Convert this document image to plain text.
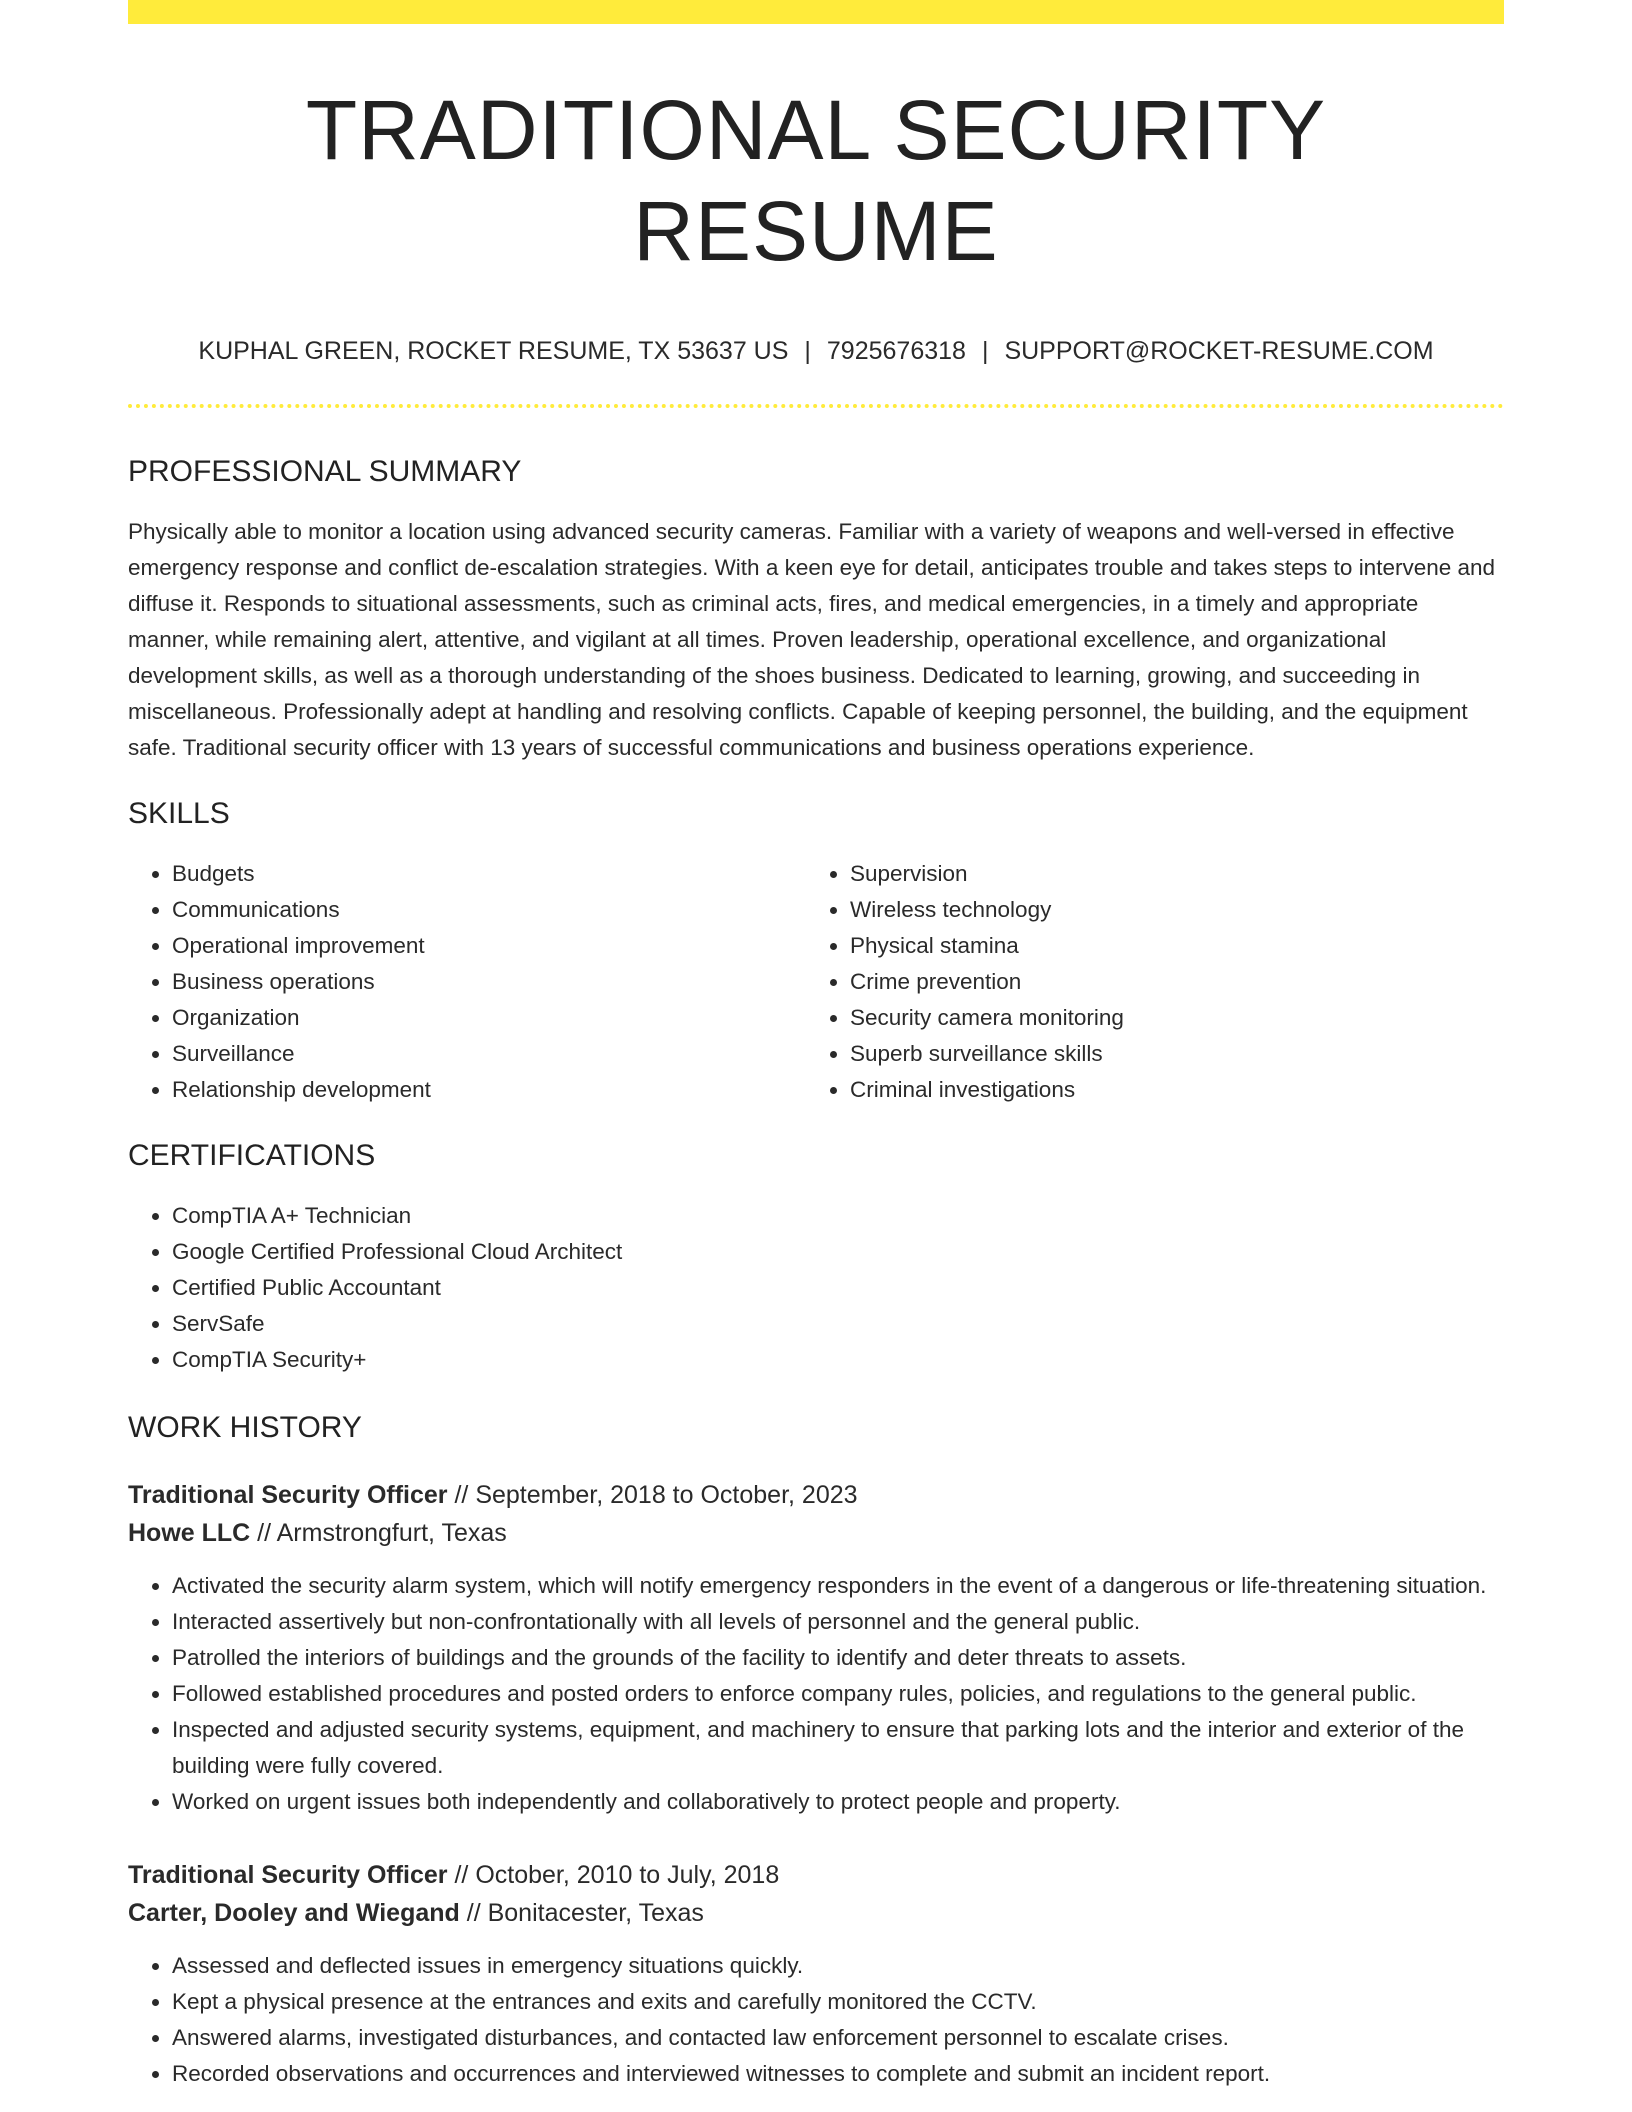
TRADITIONAL SECURITY RESUME
KUPHAL GREEN, ROCKET RESUME, TX 53637 US | 7925676318 | SUPPORT@ROCKET-RESUME.COM
PROFESSIONAL SUMMARY

Physically able to monitor a location using advanced security cameras. Familiar with a variety of weapons and well-versed in effective emergency response and conflict de-escalation strategies. With a keen eye for detail, anticipates trouble and takes steps to intervene and diffuse it. Responds to situational assessments, such as criminal acts, fires, and medical emergencies, in a timely and appropriate manner, while remaining alert, attentive, and vigilant at all times. Proven leadership, operational excellence, and organizational development skills, as well as a thorough understanding of the shoes business. Dedicated to learning, growing, and succeeding in miscellaneous. Professionally adept at handling and resolving conflicts. Capable of keeping personnel, the building, and the equipment safe. Traditional security officer with 13 years of successful communications and business operations experience.

SKILLS
• Budgets
• Communications
• Operational improvement
• Business operations
• Organization
• Surveillance
• Relationship development
• Supervision
• Wireless technology
• Physical stamina
• Crime prevention
• Security camera monitoring
• Superb surveillance skills
• Criminal investigations
CERTIFICATIONS
• CompTIA A+ Technician
• Google Certified Professional Cloud Architect
• Certified Public Accountant
• ServSafe
• CompTIA Security+
WORK HISTORY
Traditional Security Officer // September, 2018 to October, 2023
Howe LLC // Armstrongfurt, Texas
• Activated the security alarm system, which will notify emergency responders in the event of a dangerous or life-threatening situation.
• Interacted assertively but non-confrontationally with all levels of personnel and the general public.
• Patrolled the interiors of buildings and the grounds of the facility to identify and deter threats to assets.
• Followed established procedures and posted orders to enforce company rules, policies, and regulations to the general public.
• Inspected and adjusted security systems, equipment, and machinery to ensure that parking lots and the interior and exterior of the building were fully covered.
• Worked on urgent issues both independently and collaboratively to protect people and property.
Traditional Security Officer // October, 2010 to July, 2018
Carter, Dooley and Wiegand // Bonitacester, Texas
• Assessed and deflected issues in emergency situations quickly.
• Kept a physical presence at the entrances and exits and carefully monitored the CCTV.
• Answered alarms, investigated disturbances, and contacted law enforcement personnel to escalate crises.
• Recorded observations and occurrences and interviewed witnesses to complete and submit an incident report.
